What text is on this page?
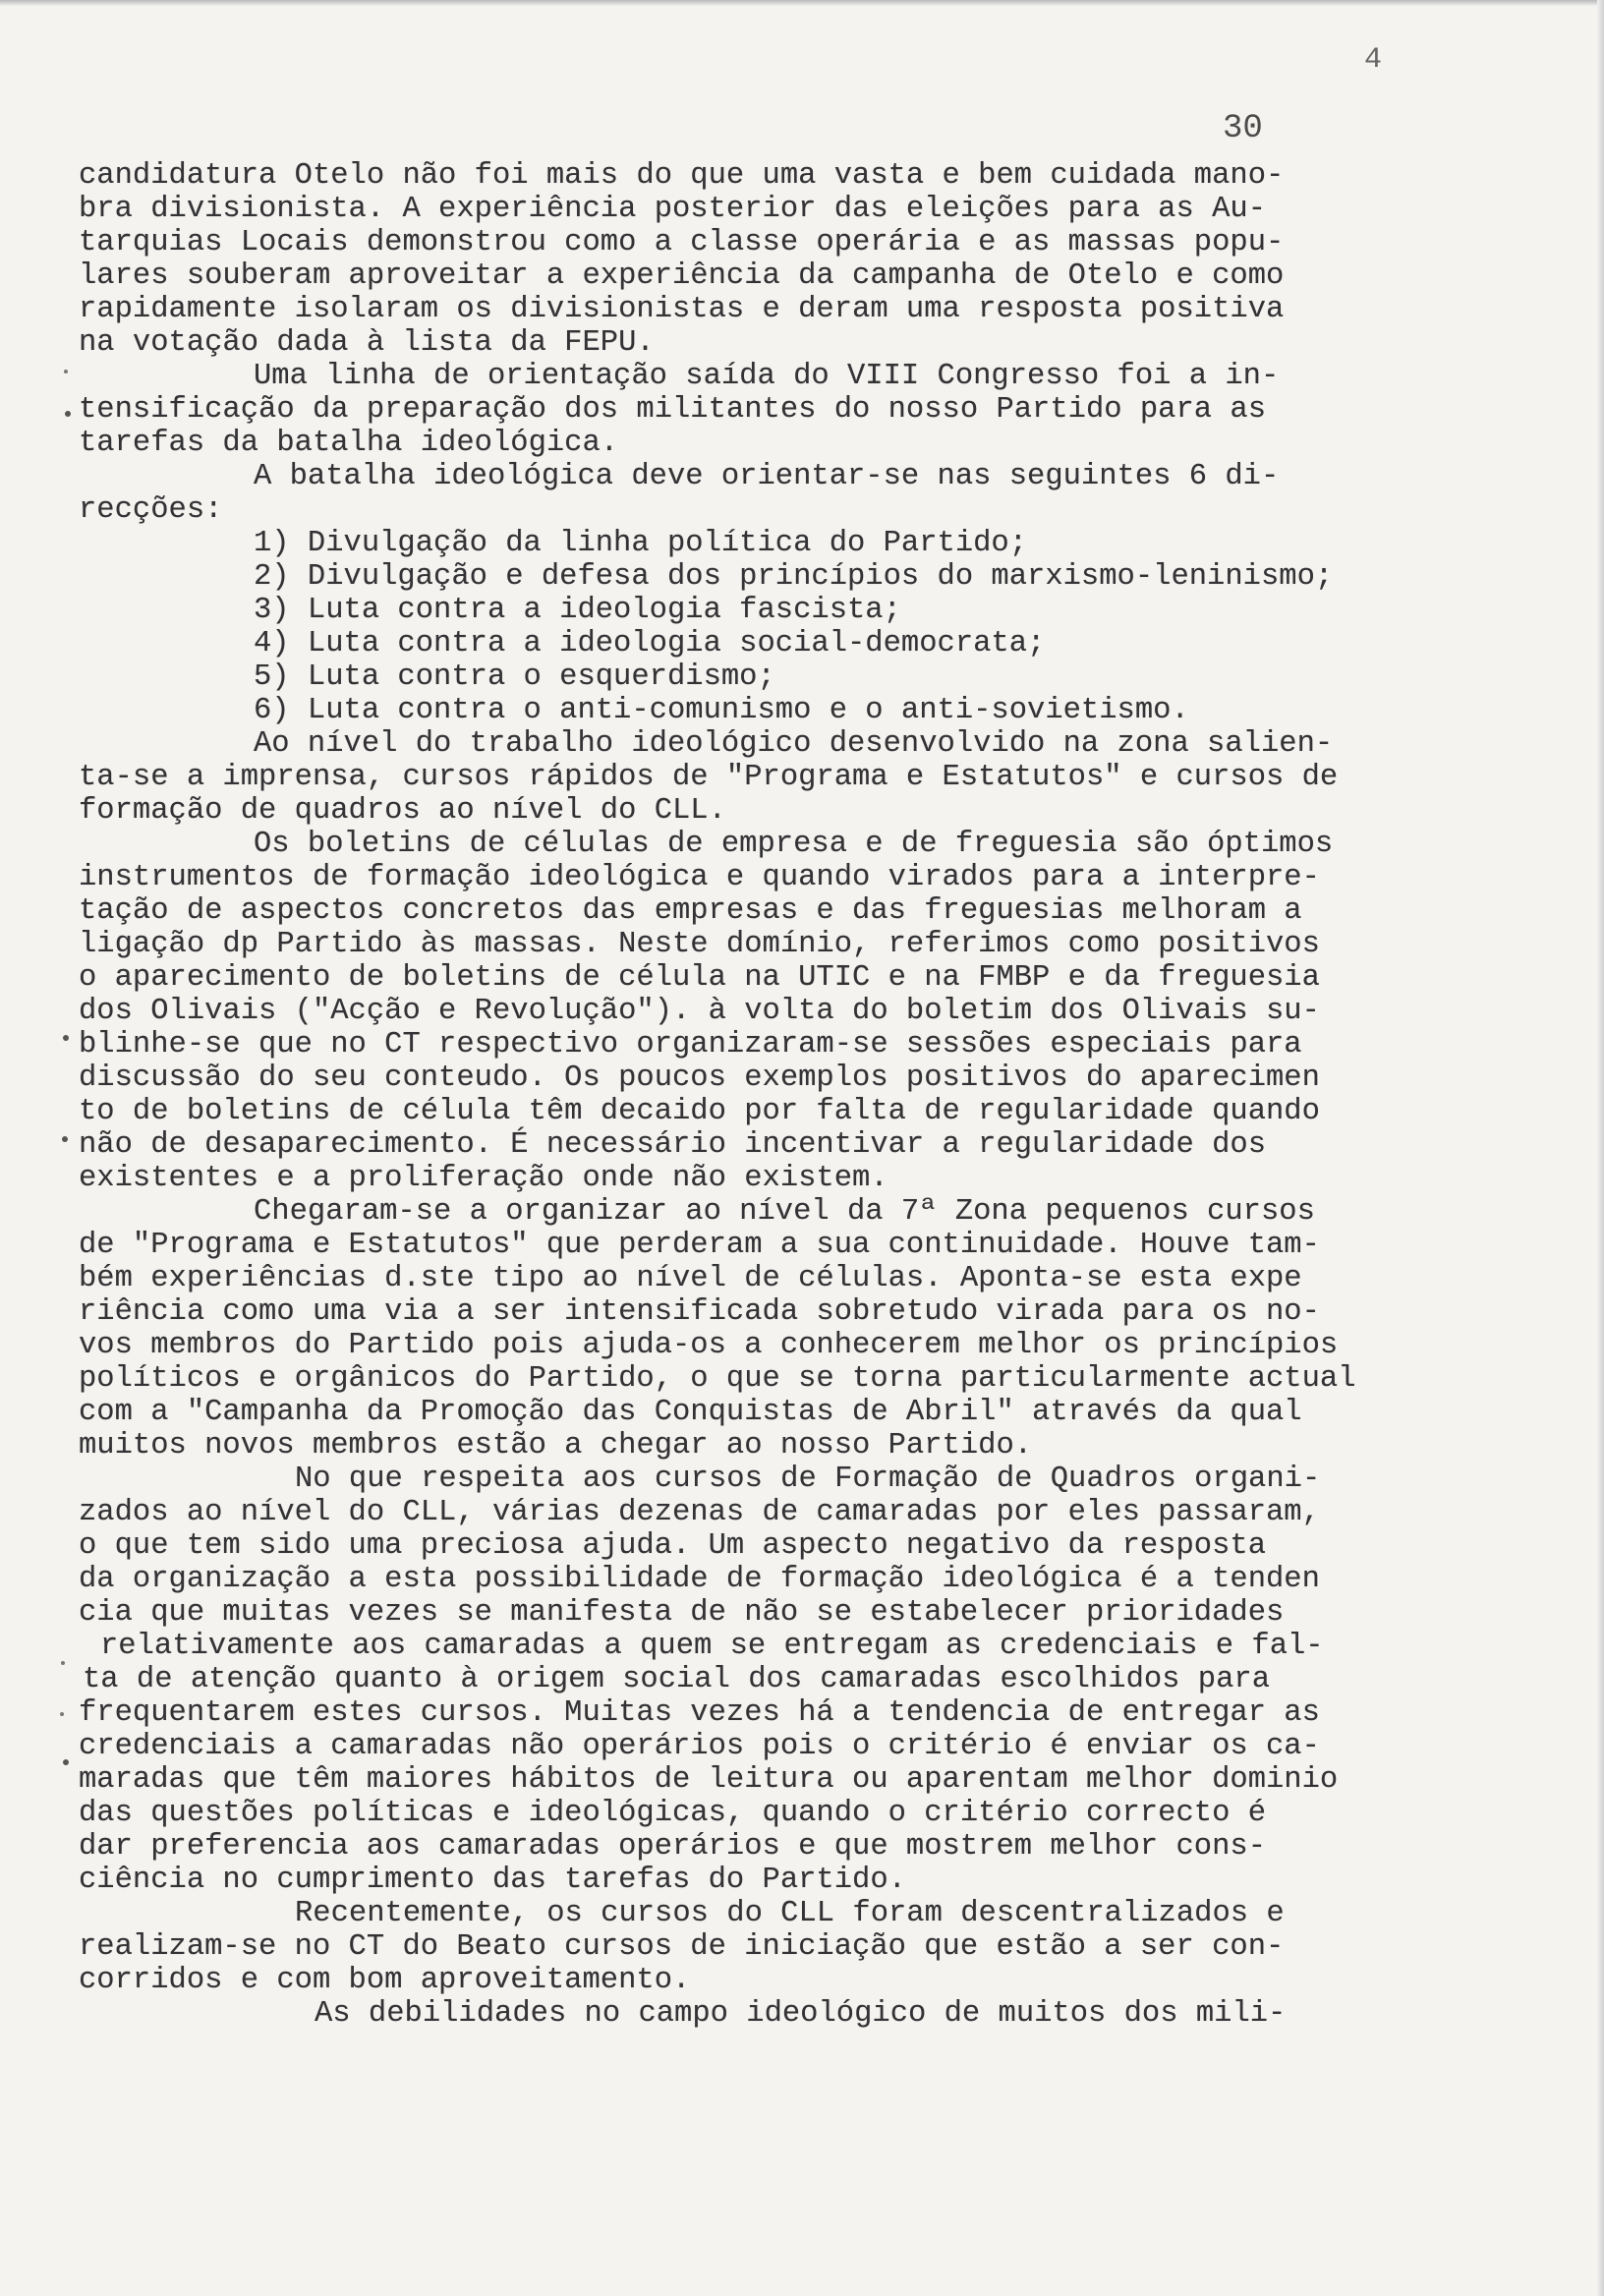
4
30
candidatura Otelo não foi mais do que uma vasta e bem cuidada mano-
bra divisionista. A experiência posterior das eleições para as Au-
tarquias Locais demonstrou como a classe operária e as massas popu-
lares souberam aproveitar a experiência da campanha de Otelo e como
rapidamente isolaram os divisionistas e deram uma resposta positiva
na votação dada à lista da FEPU.
Uma linha de orientação saída do VIII Congresso foi a in-
tensificação da preparação dos militantes do nosso Partido para as
tarefas da batalha ideológica.
A batalha ideológica deve orientar-se nas seguintes 6 di-
recções:
1) Divulgação da linha política do Partido;
2) Divulgação e defesa dos princípios do marxismo-leninismo;
3) Luta contra a ideologia fascista;
4) Luta contra a ideologia social-democrata;
5) Luta contra o esquerdismo;
6) Luta contra o anti-comunismo e o anti-sovietismo.
Ao nível do trabalho ideológico desenvolvido na zona salien-
ta-se a imprensa, cursos rápidos de "Programa e Estatutos" e cursos de
formação de quadros ao nível do CLL.
Os boletins de células de empresa e de freguesia são óptimos
instrumentos de formação ideológica e quando virados para a interpre-
tação de aspectos concretos das empresas e das freguesias melhoram a
ligação dp Partido às massas. Neste domínio, referimos como positivos
o aparecimento de boletins de célula na UTIC e na FMBP e da freguesia
dos Olivais ("Acção e Revolução"). à volta do boletim dos Olivais su-
blinhe-se que no CT respectivo organizaram-se sessões especiais para
discussão do seu conteudo. Os poucos exemplos positivos do aparecimen
to de boletins de célula têm decaido por falta de regularidade quando
não de desaparecimento. É necessário incentivar a regularidade dos
existentes e a proliferação onde não existem.
Chegaram-se a organizar ao nível da 7ª Zona pequenos cursos
de "Programa e Estatutos" que perderam a sua continuidade. Houve tam-
bém experiências d.ste tipo ao nível de células. Aponta-se esta expe
riência como uma via a ser intensificada sobretudo virada para os no-
vos membros do Partido pois ajuda-os a conhecerem melhor os princípios
políticos e orgânicos do Partido, o que se torna particularmente actual
com a "Campanha da Promoção das Conquistas de Abril" através da qual
muitos novos membros estão a chegar ao nosso Partido.
No que respeita aos cursos de Formação de Quadros organi-
zados ao nível do CLL, várias dezenas de camaradas por eles passaram,
o que tem sido uma preciosa ajuda. Um aspecto negativo da resposta
da organização a esta possibilidade de formação ideológica é a tenden
cia que muitas vezes se manifesta de não se estabelecer prioridades
relativamente aos camaradas a quem se entregam as credenciais e fal-
ta de atenção quanto à origem social dos camaradas escolhidos para
frequentarem estes cursos. Muitas vezes há a tendencia de entregar as
credenciais a camaradas não operários pois o critério é enviar os ca-
maradas que têm maiores hábitos de leitura ou aparentam melhor dominio
das questões políticas e ideológicas, quando o critério correcto é
dar preferencia aos camaradas operários e que mostrem melhor cons-
ciência no cumprimento das tarefas do Partido.
Recentemente, os cursos do CLL foram descentralizados e
realizam-se no CT do Beato cursos de iniciação que estão a ser con-
corridos e com bom aproveitamento.
As debilidades no campo ideológico de muitos dos mili-
